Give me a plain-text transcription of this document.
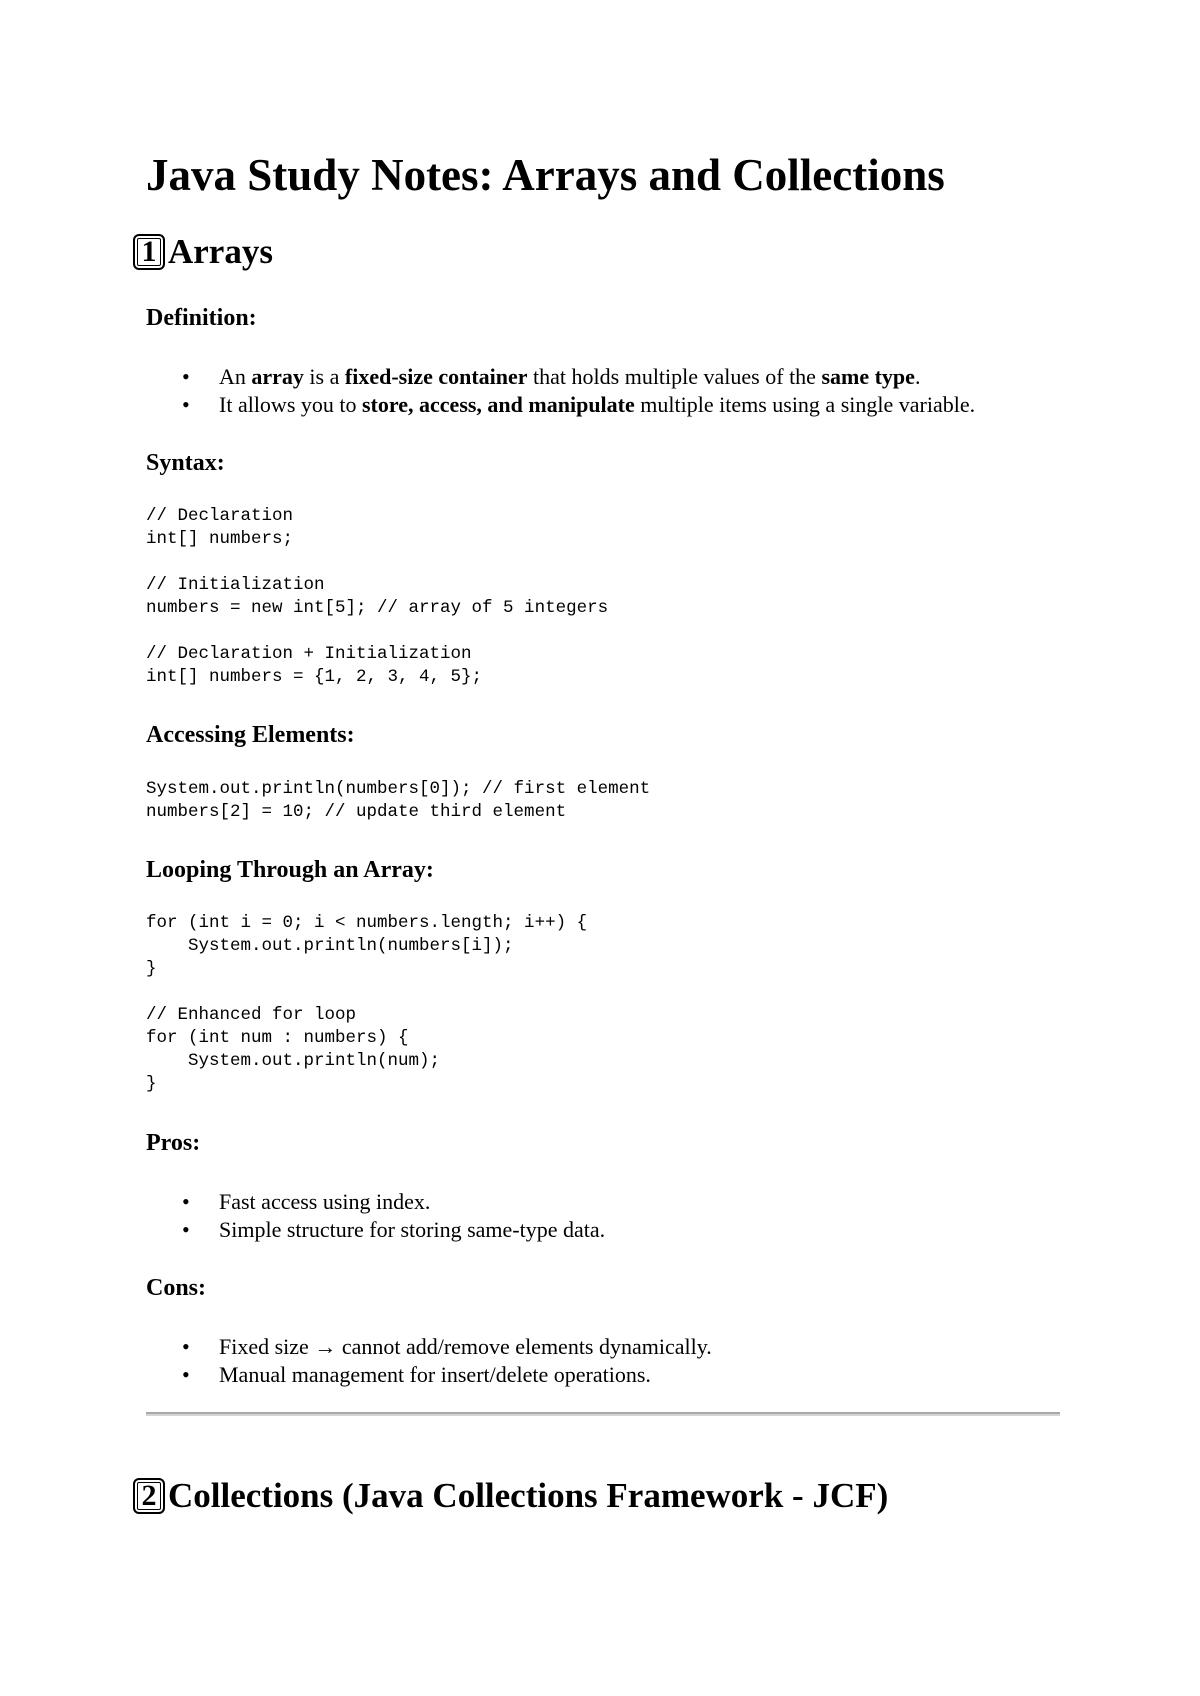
Java Study Notes: Arrays and Collections
1 Arrays
Definition:
• An array is a fixed-size container that holds multiple values of the same type.
• It allows you to store, access, and manipulate multiple items using a single variable.
Syntax:
// Declaration
int[] numbers;

// Initialization
numbers = new int[5]; // array of 5 integers

// Declaration + Initialization
int[] numbers = {1, 2, 3, 4, 5};
Accessing Elements:
System.out.println(numbers[0]); // first element
numbers[2] = 10; // update third element
Looping Through an Array:
for (int i = 0; i < numbers.length; i++) {
System.out.println(numbers[i]);
}

// Enhanced for loop
for (int num : numbers) {
System.out.println(num);
}
Pros:
• Fast access using index.
• Simple structure for storing same-type data.
Cons:
• Fixed size → cannot add/remove elements dynamically.
• Manual management for insert/delete operations.
2 Collections (Java Collections Framework - JCF)
